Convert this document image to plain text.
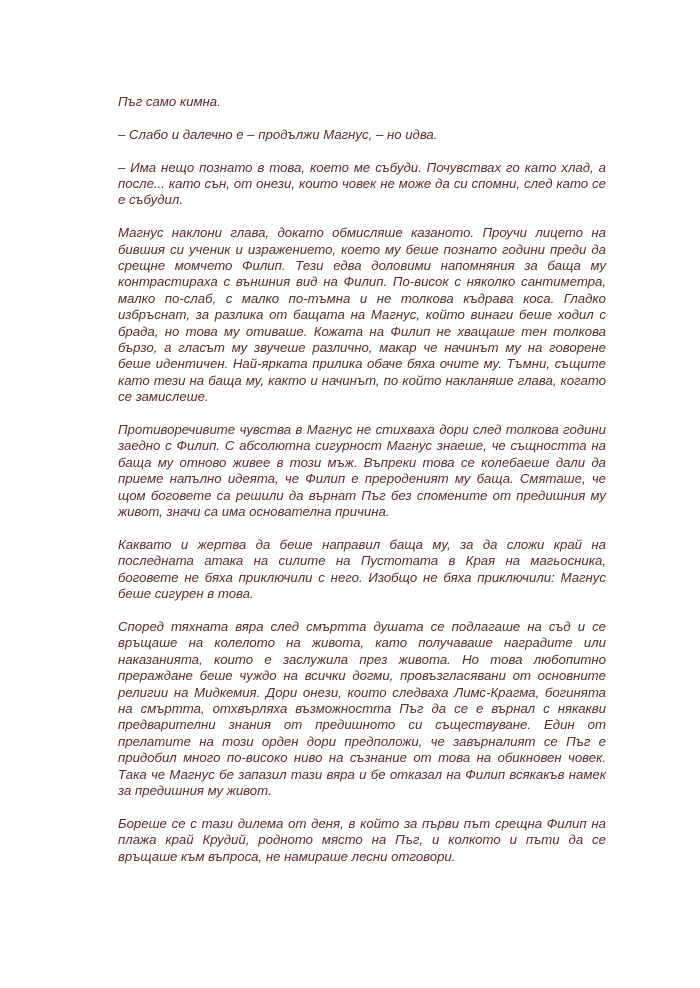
Пъг само кимна.

– Слабо и далечно е – продължи Магнус, – но идва.

– Има нещо познато в това, което ме събуди. Почувствах го като хлад, а после... като сън, от онези, които човек не може да си спомни, след като се е събудил.

Магнус наклони глава, докато обмисляше казаното. Проучи лицето на бившия си ученик и изражението, което му беше познато години преди да срещне момчето Филип. Тези едва доловими напомняния за баща му контрастираха с външния вид на Филип. По-висок с няколко сантиметра, малко по-слаб, с малко по-тъмна и не толкова къдрава коса. Гладко избръснат, за разлика от бащата на Магнус, който винаги беше ходил с брада, но това му отиваше. Кожата на Филип не хващаше тен толкова бързо, а гласът му звучеше различно, макар че начинът му на говорене беше идентичен. Най-ярката прилика обаче бяха очите му. Тъмни, същите като тези на баща му, както и начинът, по който накланяше глава, когато се замислеше.

Противоречивите чувства в Магнус не стихваха дори след толкова години заедно с Филип. С абсолютна сигурност Магнус знаеше, че същността на баща му отново живее в този мъж. Въпреки това се колебаеше дали да приеме напълно идеята, че Филип е прероденият му баща. Смяташе, че щом боговете са решили да върнат Пъг без спомените от предишния му живот, значи са има основателна причина.

Каквато и жертва да беше направил баща му, за да сложи край на последната атака на силите на Пустотата в Края на магьосника, боговете не бяха приключили с него. Изобщо не бяха приключили: Магнус беше сигурен в това.

Според тяхната вяра след смъртта душата се подлагаше на съд и се връщаше на колелото на живота, като получаваше наградите или наказанията, които е заслужила през живота. Но това любопитно прераждане беше чуждо на всички догми, провъзгласявани от основните религии на Мидкемия. Дори онези, които следваха Лимс-Крагма, богинята на смъртта, отхвърляха възможността Пъг да се е върнал с някакви предварителни знания от предишното си съществуване. Един от прелатите на този орден дори предположи, че завърналият се Пъг е придобил много по-високо ниво на съзнание от това на обикновен човек. Така че Магнус бе запазил тази вяра и бе отказал на Филип всякакъв намек за предишния му живот.

Бореше се с тази дилема от деня, в който за първи път срещна Филип на плажа край Крудий, родното място на Пъг, и колкото и пъти да се връщаше към въпроса, не намираше лесни отговори.
